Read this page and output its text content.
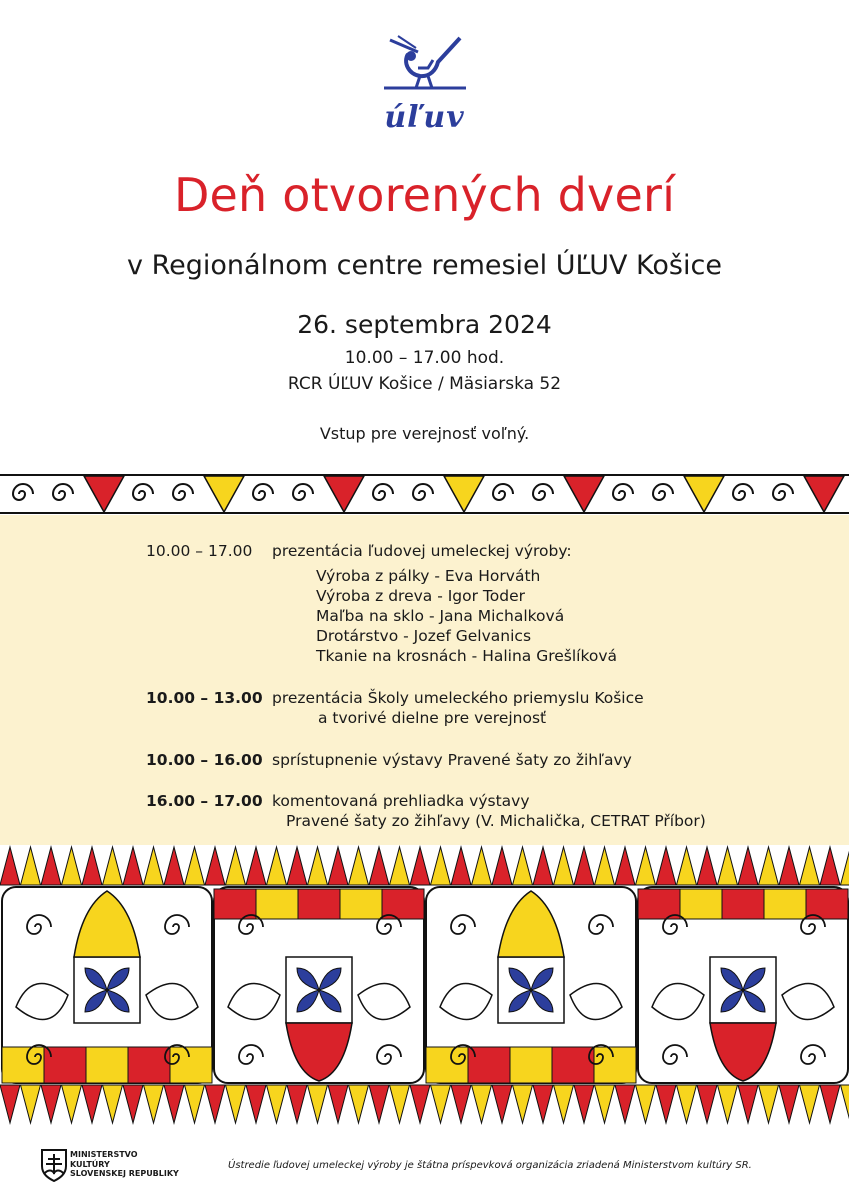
úľuv
Deň otvorených dverí
v Regionálnom centre remesiel ÚĽUV Košice
26. septembra 2024
10.00 – 17.00 hod.
RCR ÚĽUV Košice / Mäsiarska 52
Vstup pre verejnosť voľný.
10.00 – 17.00 prezentácia ľudovej umeleckej výroby:
Výroba z pálky - Eva Horváth
Výroba z dreva - Igor Toder
Maľba na sklo - Jana Michalková
Drotárstvo - Jozef Gelvanics
Tkanie na krosnách - Halina Grešlíková
10.00 – 13.00 prezentácia Školy umeleckého priemyslu Košice
a tvorivé dielne pre verejnosť
10.00 – 16.00 sprístupnenie výstavy Pravené šaty zo žihľavy
16.00 – 17.00 komentovaná prehliadka výstavy
Pravené šaty zo žihľavy (V. Michalička, CETRAT Příbor)
MINISTERSTVO
KULTÚRY
SLOVENSKEJ REPUBLIKY
Ústredie ľudovej umeleckej výroby je štátna príspevková organizácia zriadená Ministerstvom kultúry SR.
